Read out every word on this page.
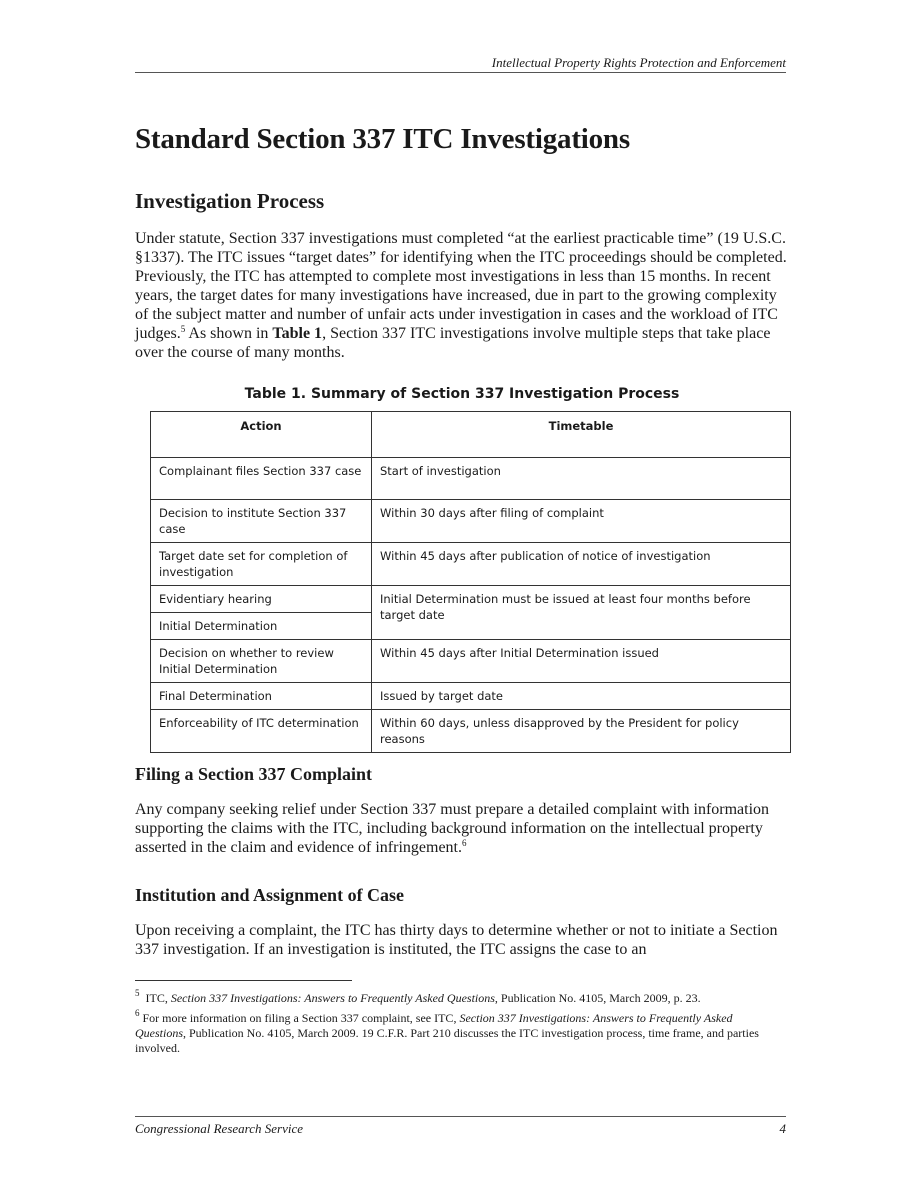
Intellectual Property Rights Protection and Enforcement
Standard Section 337 ITC Investigations
Investigation Process

Under statute, Section 337 investigations must completed “at the earliest practicable time” (19 U.S.C. §1337). The ITC issues “target dates” for identifying when the ITC proceedings should be completed. Previously, the ITC has attempted to complete most investigations in less than 15 months. In recent years, the target dates for many investigations have increased, due in part to the growing complexity of the subject matter and number of unfair acts under investigation in cases and the workload of ITC judges.$^5$ As shown in Table 1, Section 337 ITC investigations involve multiple steps that take place over the course of many months.

Table 1. Summary of Section 337 Investigation Process
Action	Timetable
Complainant files Section 337 case	Start of investigation
Decision to institute Section 337 case	Within 30 days after filing of complaint
Target date set for completion of investigation	Within 45 days after publication of notice of investigation
Evidentiary hearing	Initial Determination must be issued at least four months before target date
Initial Determination	
Decision on whether to review Initial Determination	Within 45 days after Initial Determination issued
Final Determination	Issued by target date
Enforceability of ITC determination	Within 60 days, unless disapproved by the President for policy reasons
Filing a Section 337 Complaint

Any company seeking relief under Section 337 must prepare a detailed complaint with information supporting the claims with the ITC, including background information on the intellectual property asserted in the claim and evidence of infringement.$^6$

Institution and Assignment of Case

Upon receiving a complaint, the ITC has thirty days to determine whether or not to initiate a Section 337 investigation. If an investigation is instituted, the ITC assigns the case to an

$^5$ ITC, Section 337 Investigations: Answers to Frequently Asked Questions, Publication No. 4105, March 2009, p. 23.

$^6$ For more information on filing a Section 337 complaint, see ITC, Section 337 Investigations: Answers to Frequently Asked Questions, Publication No. 4105, March 2009. 19 C.F.R. Part 210 discusses the ITC investigation process, time frame, and parties involved.

Congressional Research Service	4
